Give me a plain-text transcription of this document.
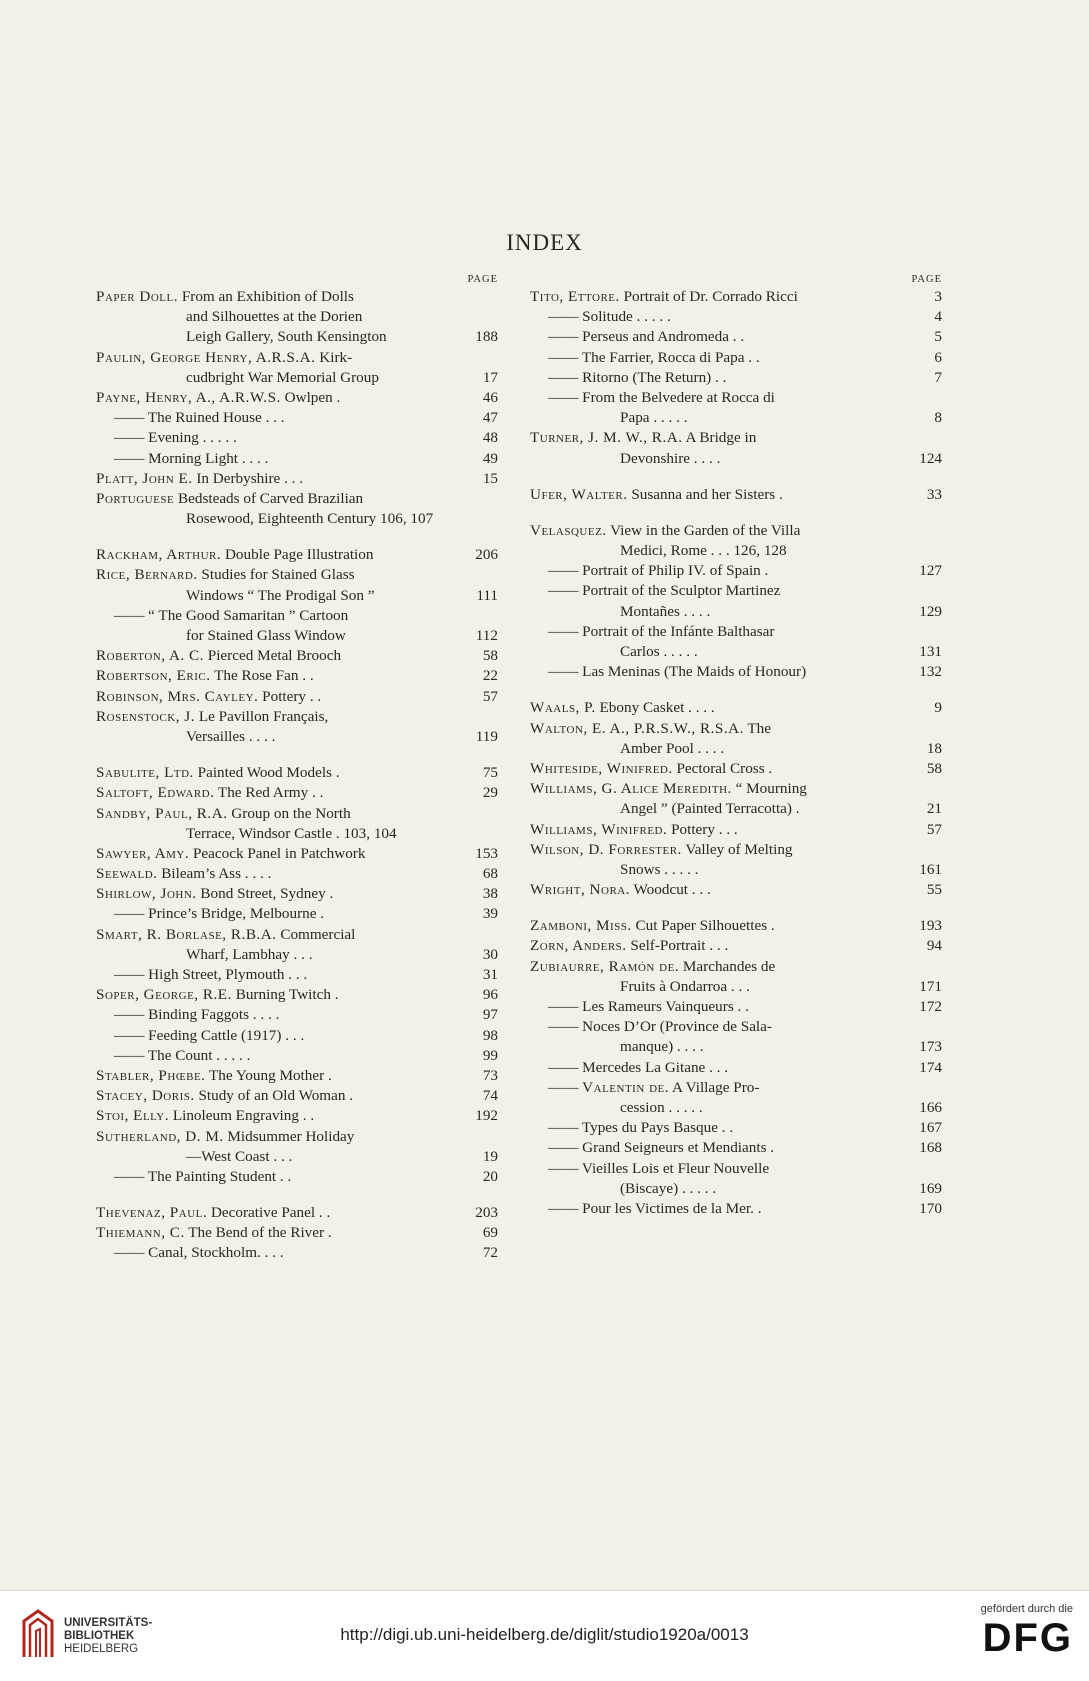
INDEX
PAGE
Paper Doll. From an Exhibition of Dolls
and Silhouettes at the Dorien
Leigh Gallery, South Kensington	188
Paulin, George Henry, A.R.S.A. Kirk-
cudbright War Memorial Group	17
Payne, Henry, A., A.R.W.S. Owlpen .	46
—— The Ruined House . . .	47
—— Evening . . . . .	48
—— Morning Light . . . .	49
Platt, John E. In Derbyshire . . .	15
Portuguese Bedsteads of Carved Brazilian
Rosewood, Eighteenth Century 106, 107
Rackham, Arthur. Double Page Illustration	206
Rice, Bernard. Studies for Stained Glass
Windows “ The Prodigal Son ”	111
—— “ The Good Samaritan ” Cartoon
for Stained Glass Window	112
Roberton, A. C. Pierced Metal Brooch	58
Robertson, Eric. The Rose Fan . .	22
Robinson, Mrs. Cayley. Pottery . .	57
Rosenstock, J. Le Pavillon Français,
Versailles . . . .	119
Sabulite, Ltd. Painted Wood Models .	75
Saltoft, Edward. The Red Army . .	29
Sandby, Paul, R.A. Group on the North
Terrace, Windsor Castle . 103, 104
Sawyer, Amy. Peacock Panel in Patchwork	153
Seewald. Bileam’s Ass . . . .	68
Shirlow, John. Bond Street, Sydney .	38
—— Prince’s Bridge, Melbourne .	39
Smart, R. Borlase, R.B.A. Commercial
Wharf, Lambhay . . .	30
—— High Street, Plymouth . . .	31
Soper, George, R.E. Burning Twitch .	96
—— Binding Faggots . . . .	97
—— Feeding Cattle (1917) . . .	98
—— The Count . . . . .	99
Stabler, Phœbe. The Young Mother .	73
Stacey, Doris. Study of an Old Woman .	74
Stoi, Elly. Linoleum Engraving . .	192
Sutherland, D. M. Midsummer Holiday
—West Coast . . .	19
—— The Painting Student . .	20
Thevenaz, Paul. Decorative Panel . .	203
Thiemann, C. The Bend of the River .	69
—— Canal, Stockholm. . . .	72
PAGE
Tito, Ettore. Portrait of Dr. Corrado Ricci	3
—— Solitude . . . . .	4
—— Perseus and Andromeda . .	5
—— The Farrier, Rocca di Papa . .	6
—— Ritorno (The Return) . .	7
—— From the Belvedere at Rocca di
Papa . . . . .	8
Turner, J. M. W., R.A. A Bridge in
Devonshire . . . .	124
Ufer, Walter. Susanna and her Sisters .	33
Velasquez. View in the Garden of the Villa
Medici, Rome . . . 126, 128
—— Portrait of Philip IV. of Spain .	127
—— Portrait of the Sculptor Martinez
Montañes . . . .	129
—— Portrait of the Infánte Balthasar
Carlos . . . . .	131
—— Las Meninas (The Maids of Honour)	132
Waals, P. Ebony Casket . . . .	9
Walton, E. A., P.R.S.W., R.S.A. The
Amber Pool . . . .	18
Whiteside, Winifred. Pectoral Cross .	58
Williams, G. Alice Meredith. “ Mourning
Angel ” (Painted Terracotta) .	21
Williams, Winifred. Pottery . . .	57
Wilson, D. Forrester. Valley of Melting
Snows . . . . .	161
Wright, Nora. Woodcut . . .	55
Zamboni, Miss. Cut Paper Silhouettes .	193
Zorn, Anders. Self-Portrait . . .	94
Zubiaurre, Ramón de. Marchandes de
Fruits à Ondarroa . . .	171
—— Les Rameurs Vainqueurs . .	172
—— Noces D’Or (Province de Sala-
manque) . . . .	173
—— Mercedes La Gitane . . .	174
—— Valentin de. A Village Pro-
cession . . . . .	166
—— Types du Pays Basque . .	167
—— Grand Seigneurs et Mendiants .	168
—— Vieilles Lois et Fleur Nouvelle
(Biscaye) . . . . .	169
—— Pour les Victimes de la Mer. .	170
UNIVERSITÄTS-
BIBLIOTHEK
HEIDELBERG
http://digi.ub.uni-heidelberg.de/diglit/studio1920a/0013
gefördert durch die
DFG
